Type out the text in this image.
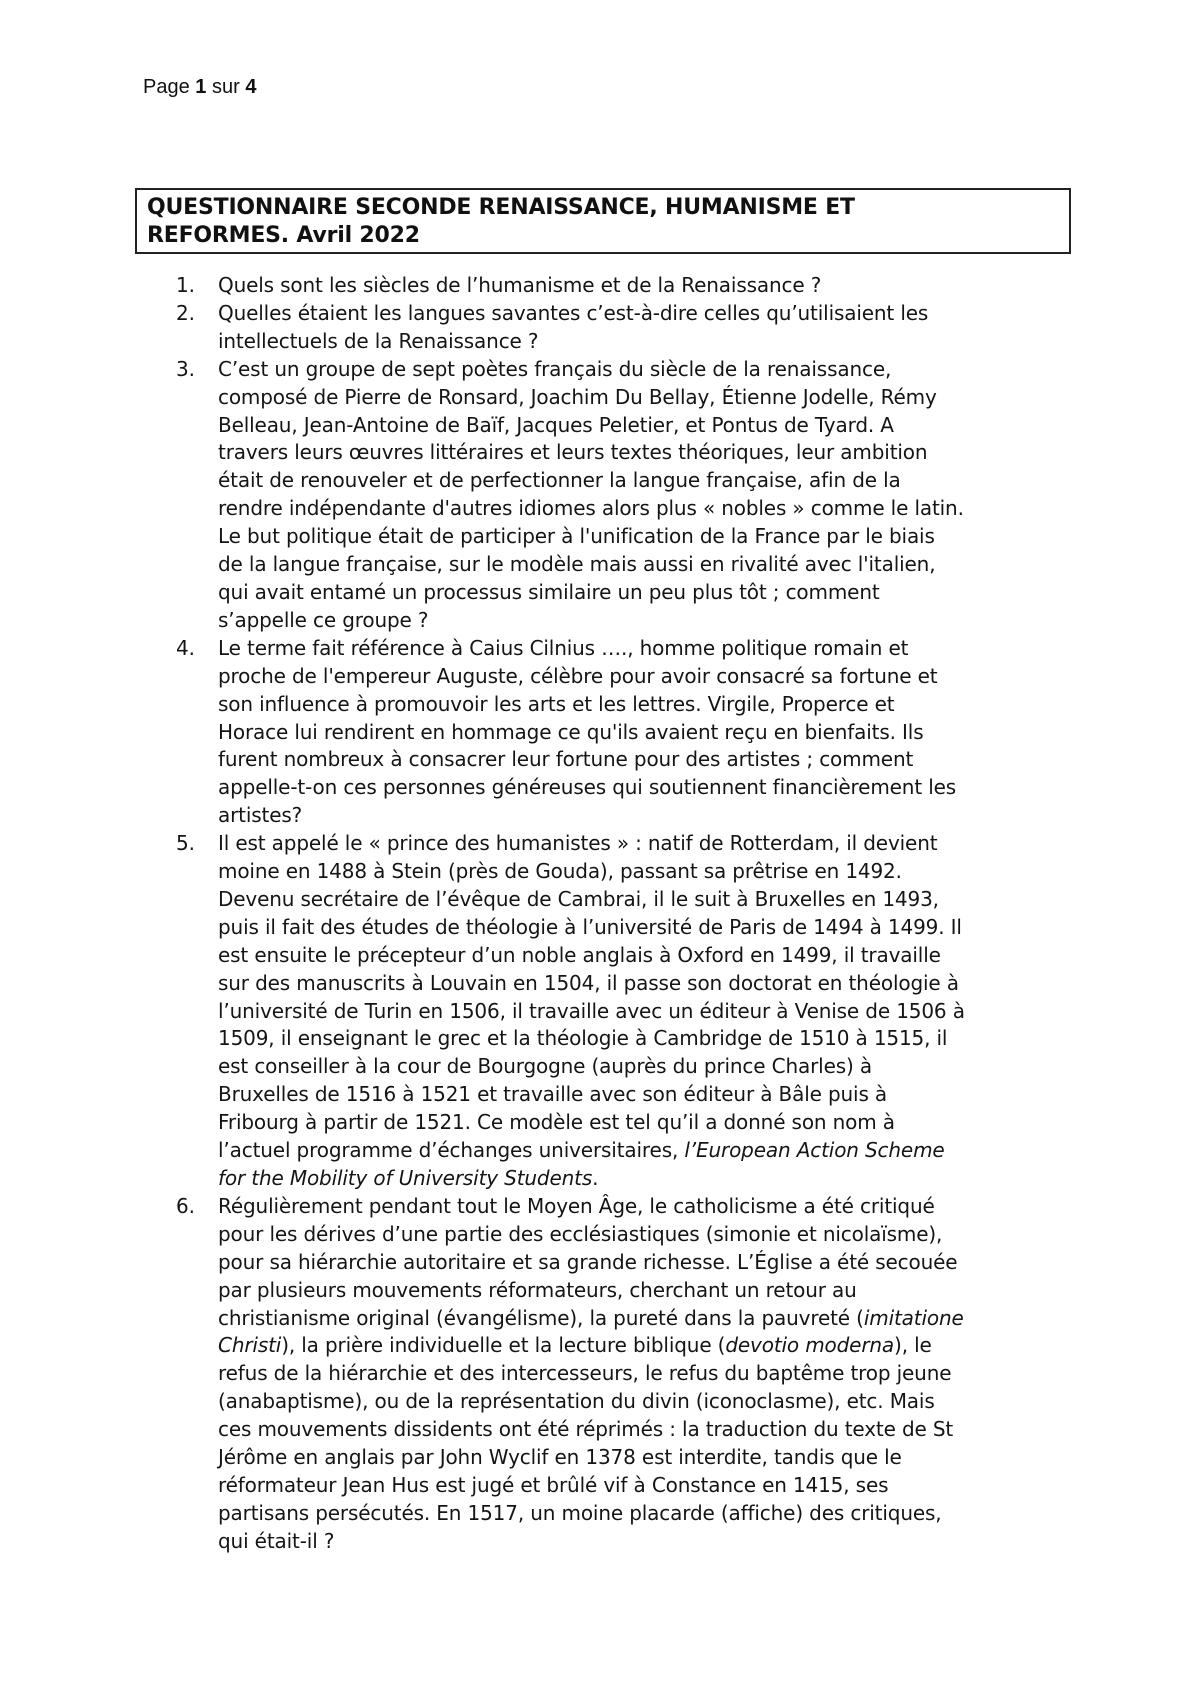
Page 1 sur 4
QUESTIONNAIRE SECONDE RENAISSANCE, HUMANISME ET
REFORMES. Avril 2022
1.	Quels sont les siècles de l’humanisme et de la Renaissance ?
2.	Quelles étaient les langues savantes c’est-à-dire celles qu’utilisaient les
intellectuels de la Renaissance ?
3.	C’est un groupe de sept poètes français du siècle de la renaissance,
composé de Pierre de Ronsard, Joachim Du Bellay, Étienne Jodelle, Rémy
Belleau, Jean-Antoine de Baïf, Jacques Peletier, et Pontus de Tyard. A
travers leurs œuvres littéraires et leurs textes théoriques, leur ambition
était de renouveler et de perfectionner la langue française, afin de la
rendre indépendante d'autres idiomes alors plus « nobles » comme le latin.
Le but politique était de participer à l'unification de la France par le biais
de la langue française, sur le modèle mais aussi en rivalité avec l'italien,
qui avait entamé un processus similaire un peu plus tôt ; comment
s’appelle ce groupe ?
4.	Le terme fait référence à Caius Cilnius …., homme politique romain et
proche de l'empereur Auguste, célèbre pour avoir consacré sa fortune et
son influence à promouvoir les arts et les lettres. Virgile, Properce et
Horace lui rendirent en hommage ce qu'ils avaient reçu en bienfaits. Ils
furent nombreux à consacrer leur fortune pour des artistes ; comment
appelle-t-on ces personnes généreuses qui soutiennent financièrement les
artistes?
5.	Il est appelé le « prince des humanistes » : natif de Rotterdam, il devient
moine en 1488 à Stein (près de Gouda), passant sa prêtrise en 1492.
Devenu secrétaire de l’évêque de Cambrai, il le suit à Bruxelles en 1493,
puis il fait des études de théologie à l’université de Paris de 1494 à 1499. Il
est ensuite le précepteur d’un noble anglais à Oxford en 1499, il travaille
sur des manuscrits à Louvain en 1504, il passe son doctorat en théologie à
l’université de Turin en 1506, il travaille avec un éditeur à Venise de 1506 à
1509, il enseignant le grec et la théologie à Cambridge de 1510 à 1515, il
est conseiller à la cour de Bourgogne (auprès du prince Charles) à
Bruxelles de 1516 à 1521 et travaille avec son éditeur à Bâle puis à
Fribourg à partir de 1521. Ce modèle est tel qu’il a donné son nom à
l’actuel programme d’échanges universitaires, l’European Action Scheme
for the Mobility of University Students.
6.	Régulièrement pendant tout le Moyen Âge, le catholicisme a été critiqué
pour les dérives d’une partie des ecclésiastiques (simonie et nicolaïsme),
pour sa hiérarchie autoritaire et sa grande richesse. L’Église a été secouée
par plusieurs mouvements réformateurs, cherchant un retour au
christianisme original (évangélisme), la pureté dans la pauvreté (imitatione
Christi), la prière individuelle et la lecture biblique (devotio moderna), le
refus de la hiérarchie et des intercesseurs, le refus du baptême trop jeune
(anabaptisme), ou de la représentation du divin (iconoclasme), etc. Mais
ces mouvements dissidents ont été réprimés : la traduction du texte de St
Jérôme en anglais par John Wyclif en 1378 est interdite, tandis que le
réformateur Jean Hus est jugé et brûlé vif à Constance en 1415, ses
partisans persécutés. En 1517, un moine placarde (affiche) des critiques,
qui était-il ?
